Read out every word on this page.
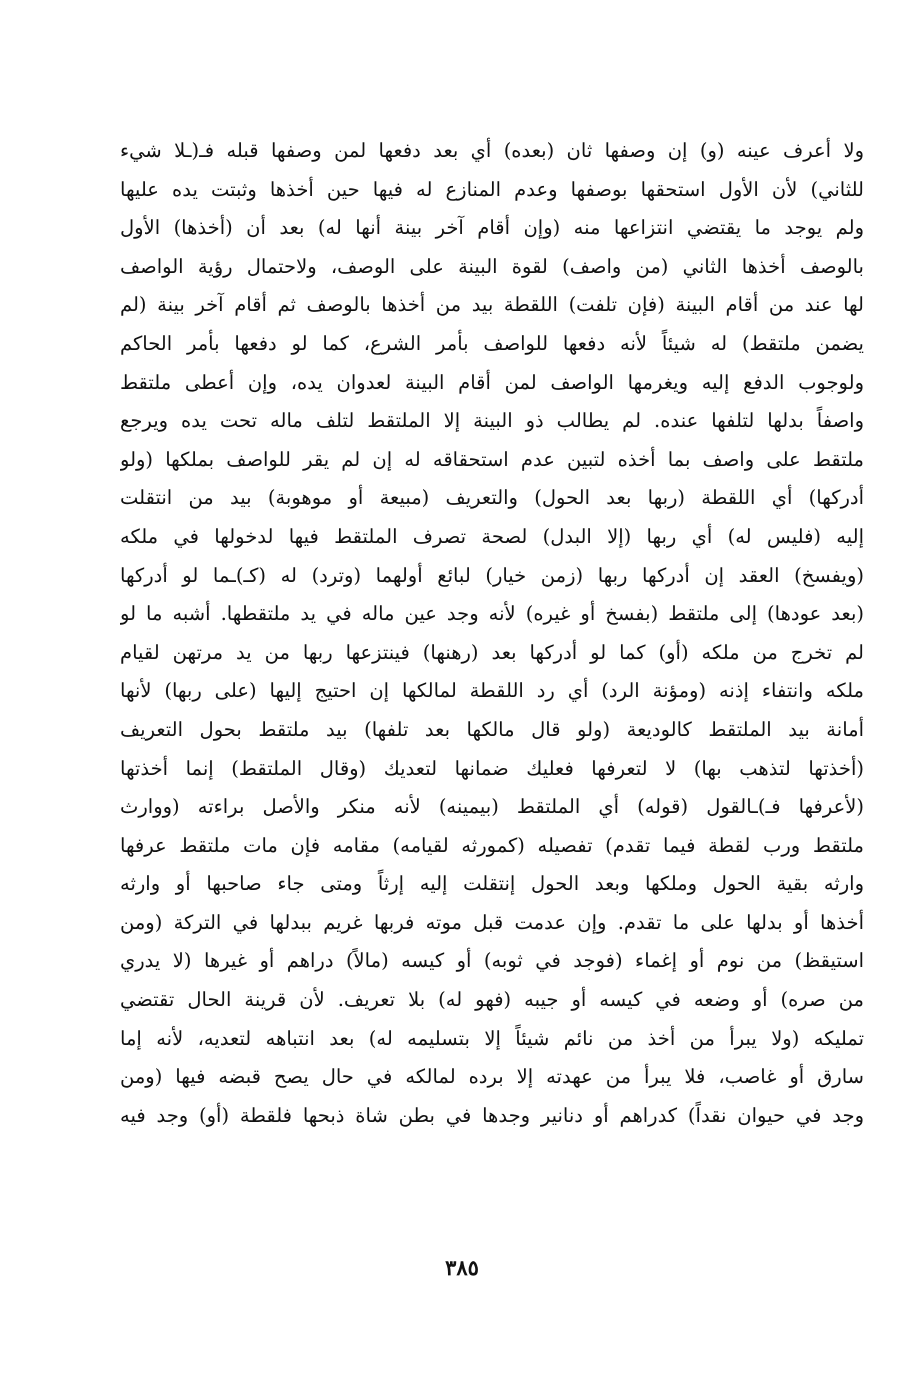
ولا أعرف عينه (و) إن وصفها ثان (بعده) أي بعد دفعها لمن وصفها قبله فـ(ـلا شيء
للثاني) لأن الأول استحقها بوصفها وعدم المنازع له فيها حين أخذها وثبتت يده عليها
ولم يوجد ما يقتضي انتزاعها منه (وإن أقام آخر بينة أنها له) بعد أن (أخذها) الأول
بالوصف أخذها الثاني (من واصف) لقوة البينة على الوصف، ولاحتمال رؤية الواصف
لها عند من أقام البينة (فإن تلفت) اللقطة بيد من أخذها بالوصف ثم أقام آخر بينة (لم
يضمن ملتقط) له شيئاً لأنه دفعها للواصف بأمر الشرع، كما لو دفعها بأمر الحاكم
ولوجوب الدفع إليه ويغرمها الواصف لمن أقام البينة لعدوان يده، وإن أعطى ملتقط
واصفاً بدلها لتلفها عنده. لم يطالب ذو البينة إلا الملتقط لتلف ماله تحت يده ويرجع
ملتقط على واصف بما أخذه لتبين عدم استحقاقه له إن لم يقر للواصف بملكها (ولو
أدركها) أي اللقطة (ربها بعد الحول) والتعريف (مبيعة أو موهوبة) بيد من انتقلت
إليه (فليس له) أي ربها (إلا البدل) لصحة تصرف الملتقط فيها لدخولها في ملكه
(ويفسخ) العقد إن أدركها ربها (زمن خيار) لبائع أولهما (وترد) له (كـ)ـما لو أدركها
(بعد عودها) إلى ملتقط (بفسخ أو غيره) لأنه وجد عين ماله في يد ملتقطها. أشبه ما لو
لم تخرج من ملكه (أو) كما لو أدركها بعد (رهنها) فينتزعها ربها من يد مرتهن لقيام
ملكه وانتفاء إذنه (ومؤنة الرد) أي رد اللقطة لمالكها إن احتيج إليها (على ربها) لأنها
أمانة بيد الملتقط كالوديعة (ولو قال مالكها بعد تلفها) بيد ملتقط بحول التعريف
(أخذتها لتذهب بها) لا لتعرفها فعليك ضمانها لتعديك (وقال الملتقط) إنما أخذتها
(لأعرفها فـ)ـالقول (قوله) أي الملتقط (بيمينه) لأنه منكر والأصل براءته (ووارث
ملتقط ورب لقطة فيما تقدم) تفصيله (كمورثه لقيامه) مقامه فإن مات ملتقط عرفها
وارثه بقية الحول وملكها وبعد الحول إنتقلت إليه إرثاً ومتى جاء صاحبها أو وارثه
أخذها أو بدلها على ما تقدم. وإن عدمت قبل موته فربها غريم ببدلها في التركة (ومن
استيقظ) من نوم أو إغماء (فوجد في ثوبه) أو كيسه (مالاً) دراهم أو غيرها (لا يدري
من صره) أو وضعه في كيسه أو جيبه (فهو له) بلا تعريف. لأن قرينة الحال تقتضي
تمليكه (ولا يبرأ من أخذ من نائم شيئاً إلا بتسليمه له) بعد انتباهه لتعديه، لأنه إما
سارق أو غاصب، فلا يبرأ من عهدته إلا برده لمالكه في حال يصح قبضه فيها (ومن
وجد في حيوان نقداً) كدراهم أو دنانير وجدها في بطن شاة ذبحها فلقطة (أو) وجد فيه
٣٨٥
